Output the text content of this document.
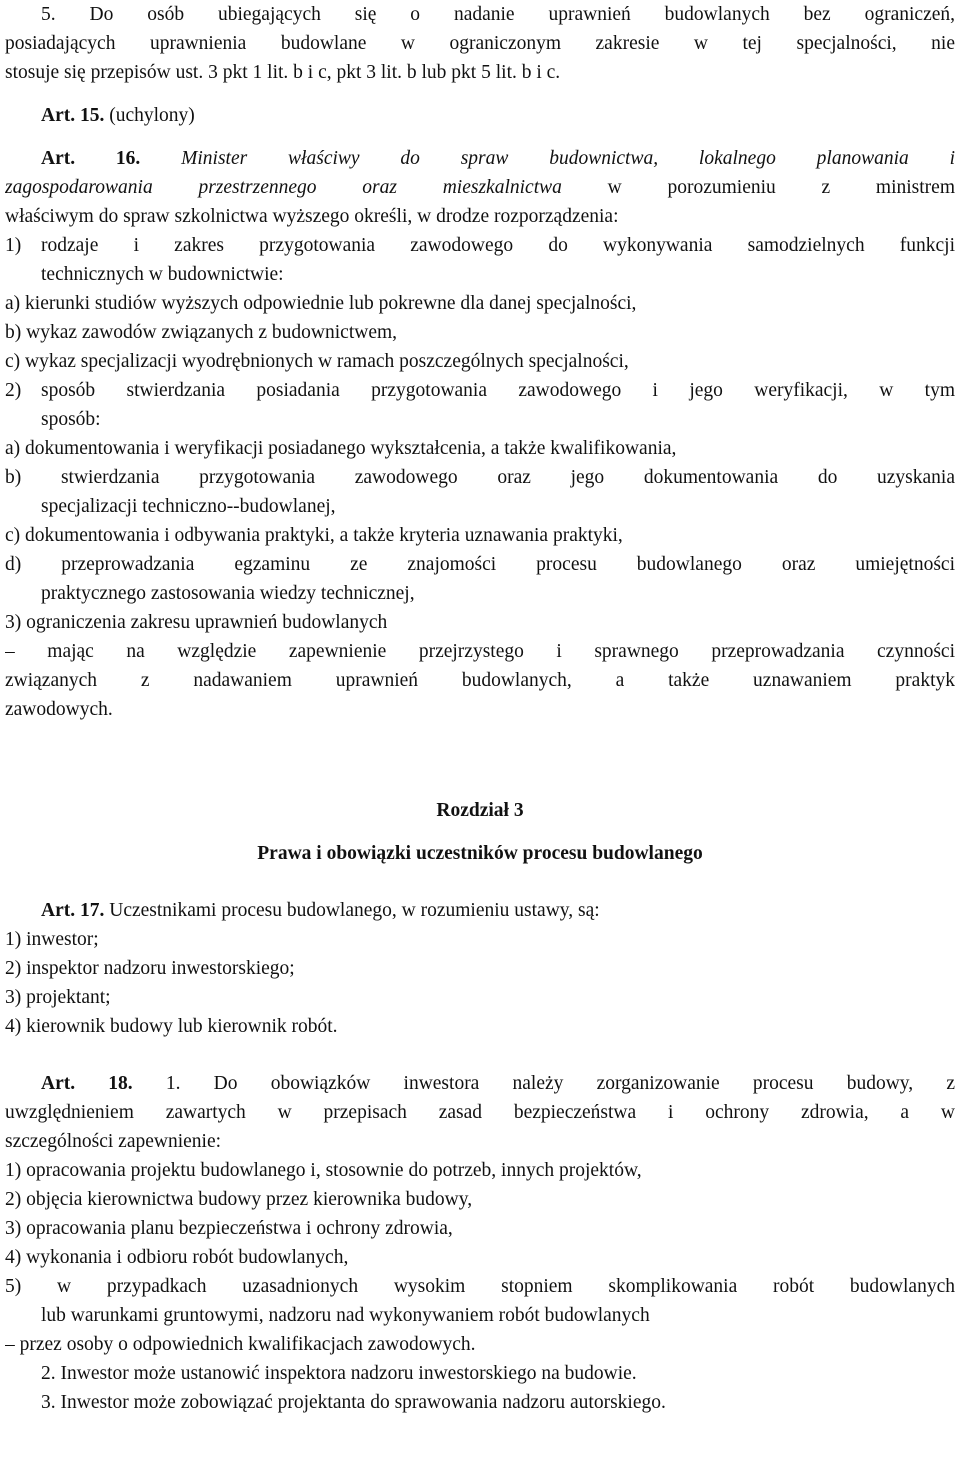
5. Do osób ubiegających się o nadanie uprawnień budowlanych bez ograniczeń,
posiadających uprawnienia budowlane w ograniczonym zakresie w tej specjalności, nie
stosuje się przepisów ust. 3 pkt 1 lit. b i c, pkt 3 lit. b lub pkt 5 lit. b i c.
Art. 15. (uchylony)
Art. 16. Minister właściwy do spraw budownictwa, lokalnego planowania i
zagospodarowania przestrzennego oraz mieszkalnictwa w porozumieniu z ministrem
właściwym do spraw szkolnictwa wyższego określi, w drodze rozporządzenia:
1) rodzaje i zakres przygotowania zawodowego do wykonywania samodzielnych funkcji
technicznych w budownictwie:
a) kierunki studiów wyższych odpowiednie lub pokrewne dla danej specjalności,
b) wykaz zawodów związanych z budownictwem,
c) wykaz specjalizacji wyodrębnionych w ramach poszczególnych specjalności,
2) sposób stwierdzania posiadania przygotowania zawodowego i jego weryfikacji, w tym
sposób:
a) dokumentowania i weryfikacji posiadanego wykształcenia, a także kwalifikowania,
b) stwierdzania przygotowania zawodowego oraz jego dokumentowania do uzyskania
specjalizacji techniczno--budowlanej,
c) dokumentowania i odbywania praktyki, a także kryteria uznawania praktyki,
d) przeprowadzania egzaminu ze znajomości procesu budowlanego oraz umiejętności
praktycznego zastosowania wiedzy technicznej,
3) ograniczenia zakresu uprawnień budowlanych
– mając na względzie zapewnienie przejrzystego i sprawnego przeprowadzania czynności
związanych z nadawaniem uprawnień budowlanych, a także uznawaniem praktyk
zawodowych.
Rozdział 3
Prawa i obowiązki uczestników procesu budowlanego
Art. 17. Uczestnikami procesu budowlanego, w rozumieniu ustawy, są:
1) inwestor;
2) inspektor nadzoru inwestorskiego;
3) projektant;
4) kierownik budowy lub kierownik robót.
Art. 18. 1. Do obowiązków inwestora należy zorganizowanie procesu budowy, z
uwzględnieniem zawartych w przepisach zasad bezpieczeństwa i ochrony zdrowia, a w
szczególności zapewnienie:
1) opracowania projektu budowlanego i, stosownie do potrzeb, innych projektów,
2) objęcia kierownictwa budowy przez kierownika budowy,
3) opracowania planu bezpieczeństwa i ochrony zdrowia,
4) wykonania i odbioru robót budowlanych,
5) w przypadkach uzasadnionych wysokim stopniem skomplikowania robót budowlanych
lub warunkami gruntowymi, nadzoru nad wykonywaniem robót budowlanych
– przez osoby o odpowiednich kwalifikacjach zawodowych.
2. Inwestor może ustanowić inspektora nadzoru inwestorskiego na budowie.
3. Inwestor może zobowiązać projektanta do sprawowania nadzoru autorskiego.
